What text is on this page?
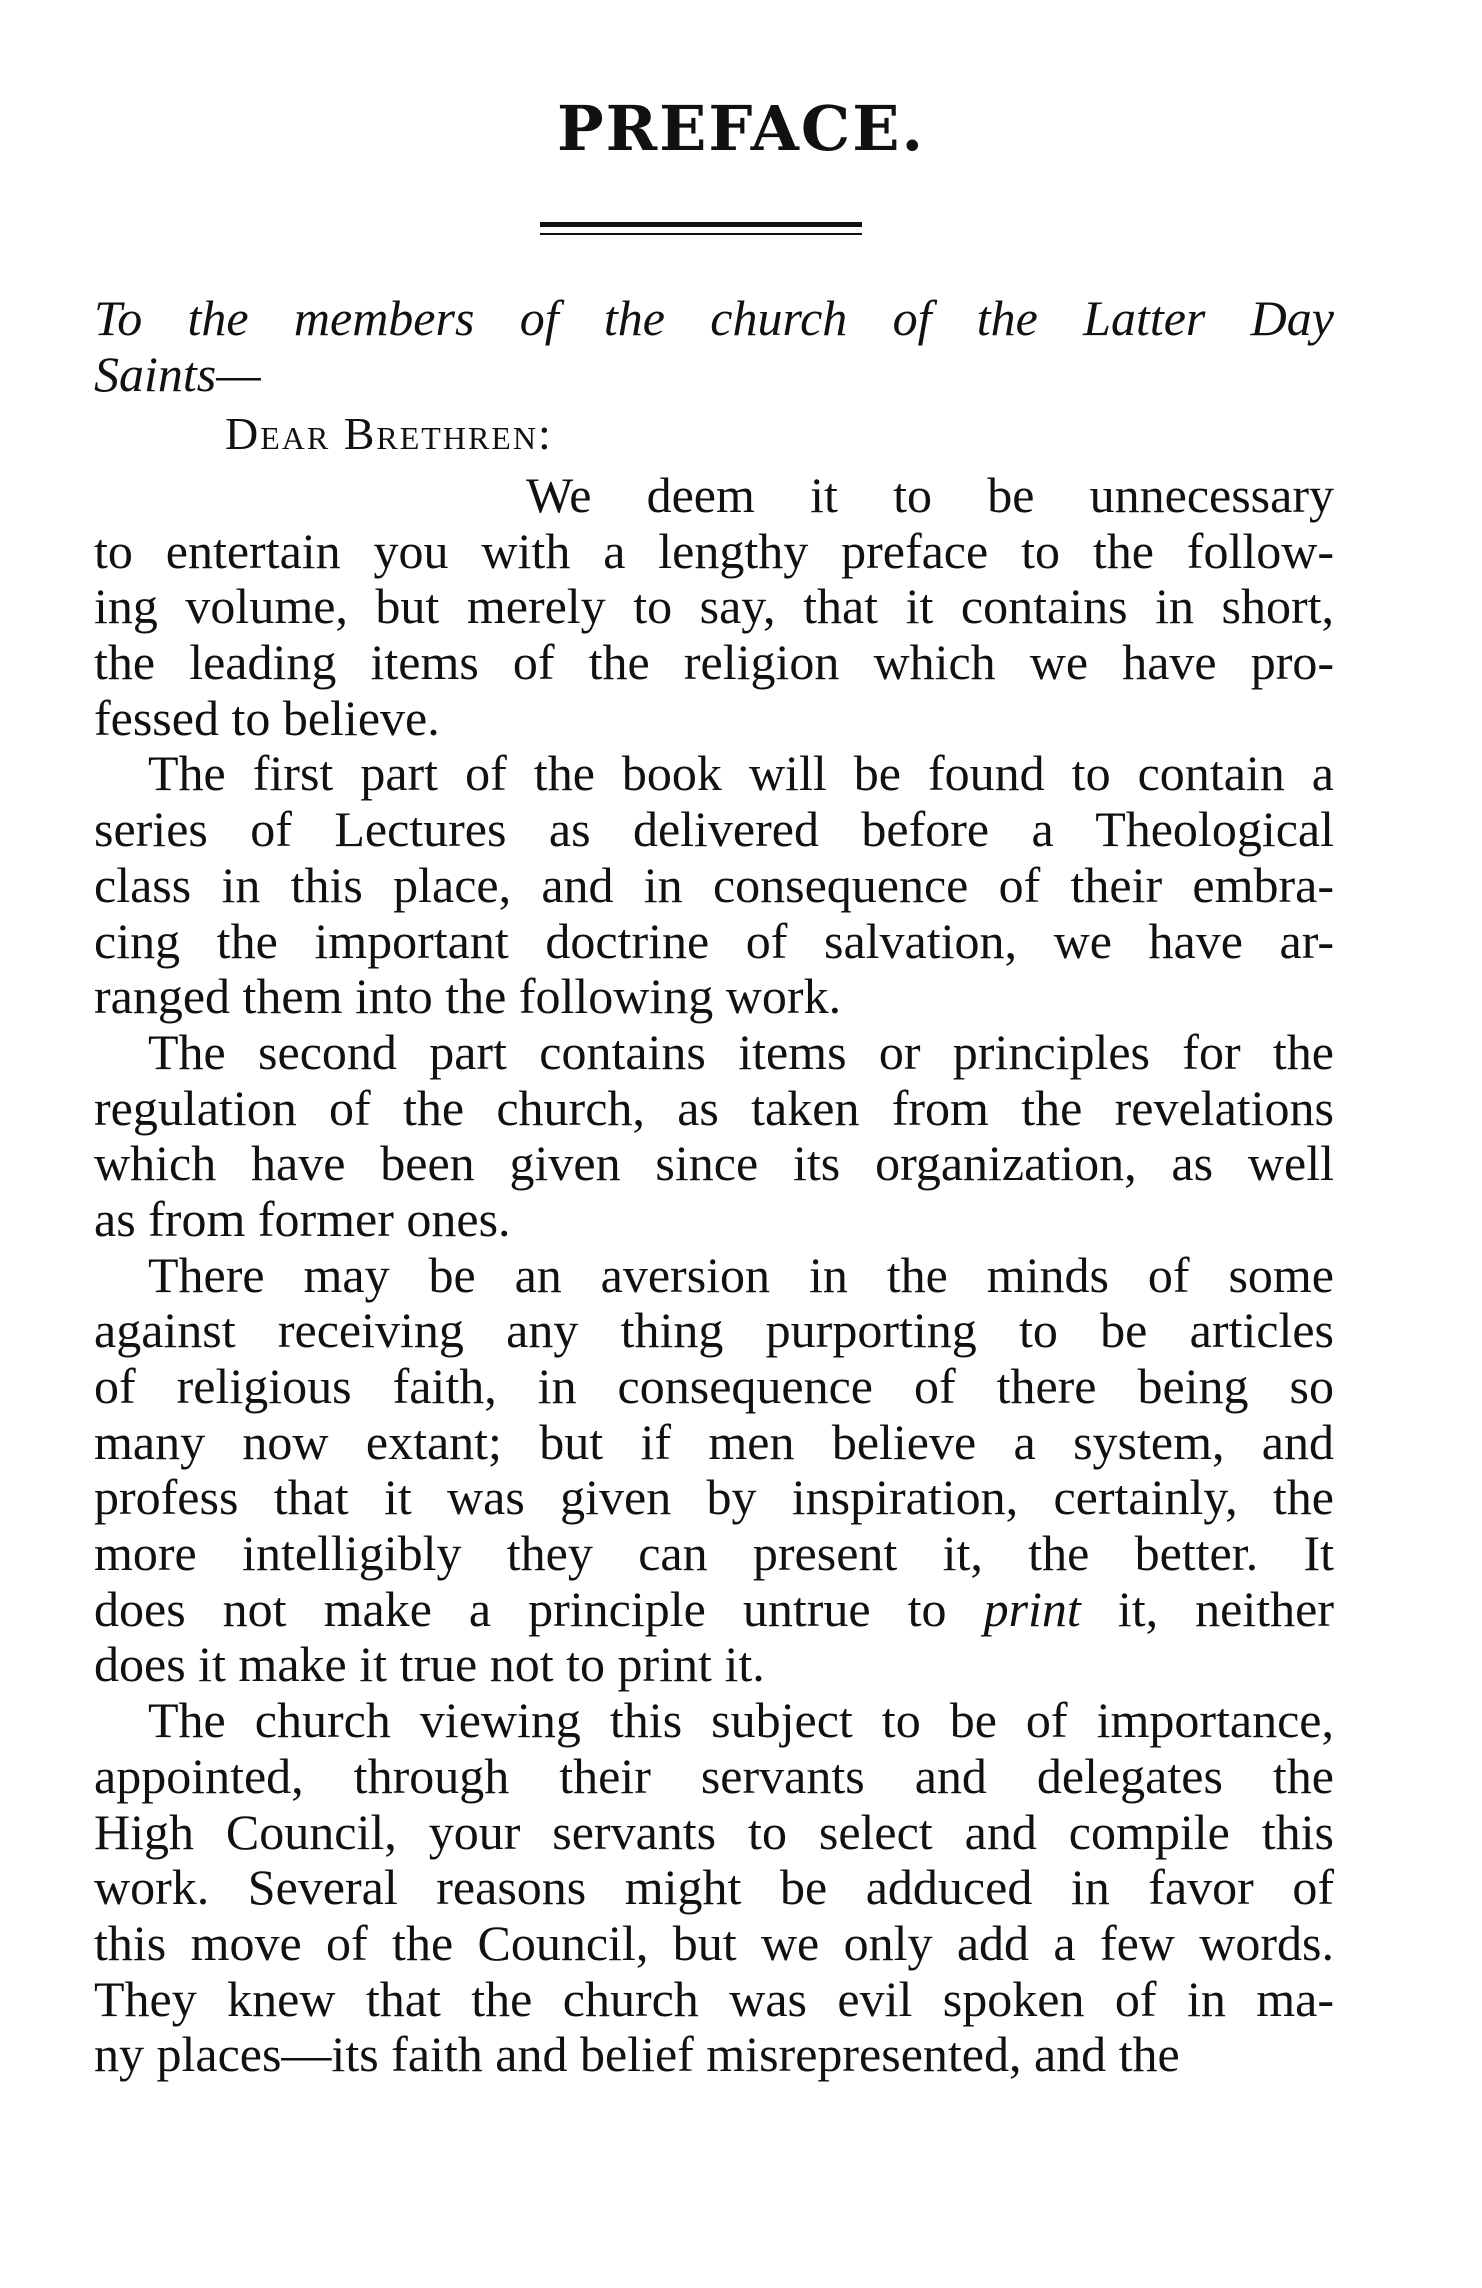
PREFACE.
To the members of the church of the Latter Day
Saints—
Dear Brethren:
We deem it to be unnecessary
to entertain you with a lengthy preface to the follow-
ing volume, but merely to say, that it contains in short,
the leading items of the religion which we have pro-
fessed to believe.
The first part of the book will be found to contain a
series of Lectures as delivered before a Theological
class in this place, and in consequence of their embra-
cing the important doctrine of salvation, we have ar-
ranged them into the following work.
The second part contains items or principles for the
regulation of the church, as taken from the revelations
which have been given since its organization, as well
as from former ones.
There may be an aversion in the minds of some
against receiving any thing purporting to be articles
of religious faith, in consequence of there being so
many now extant; but if men believe a system, and
profess that it was given by inspiration, certainly, the
more intelligibly they can present it, the better. It
does not make a principle untrue to print it, neither
does it make it true not to print it.
The church viewing this subject to be of importance,
appointed, through their servants and delegates the
High Council, your servants to select and compile this
work. Several reasons might be adduced in favor of
this move of the Council, but we only add a few words.
They knew that the church was evil spoken of in ma-
ny places—its faith and belief misrepresented, and the
